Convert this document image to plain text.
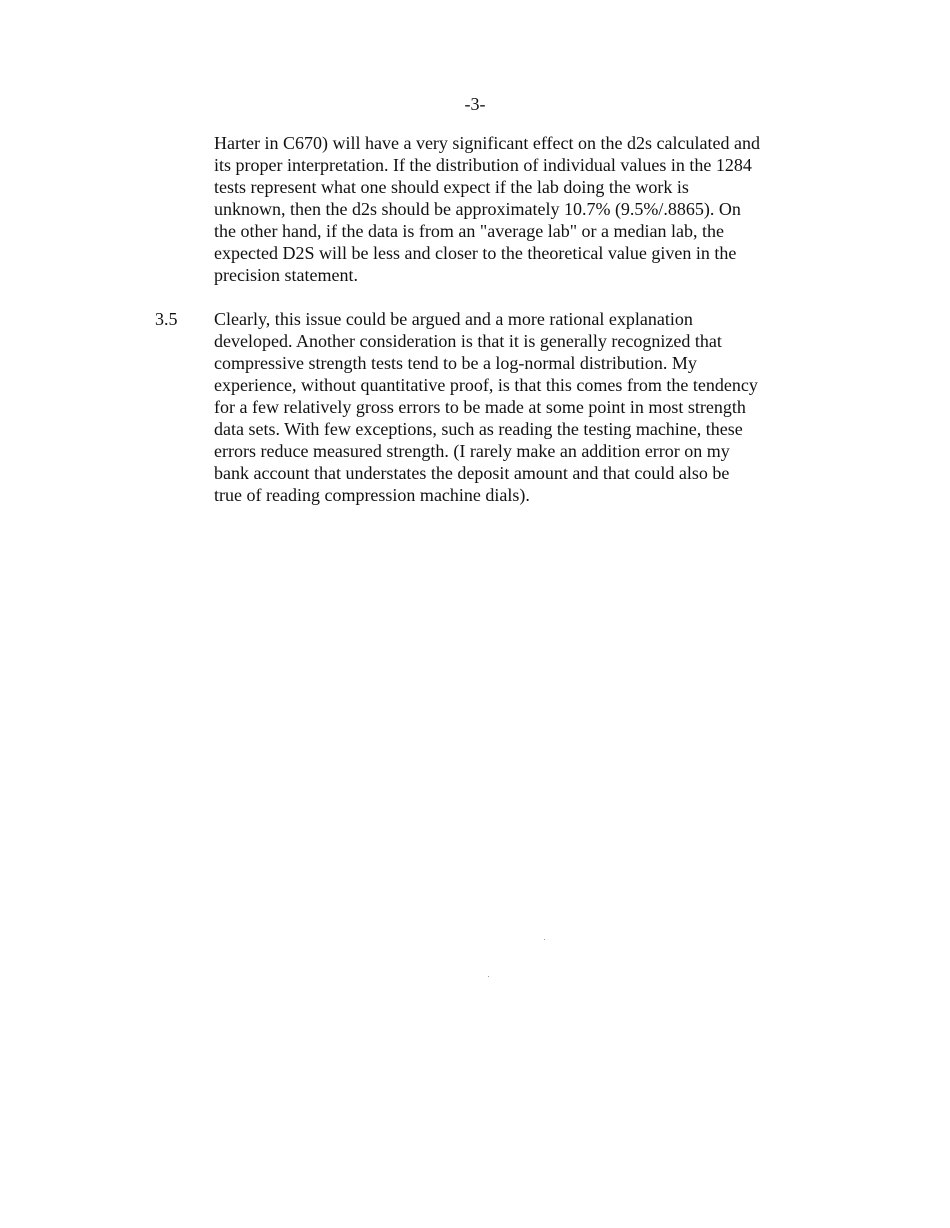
-3-
Harter in C670) will have a very significant effect on the d2s calculated and
its proper interpretation. If the distribution of individual values in the 1284
tests represent what one should expect if the lab doing the work is
unknown, then the d2s should be approximately 10.7% (9.5%/.8865). On
the other hand, if the data is from an "average lab" or a median lab, the
expected D2S will be less and closer to the theoretical value given in the
precision statement.
3.5 Clearly, this issue could be argued and a more rational explanation
developed. Another consideration is that it is generally recognized that
compressive strength tests tend to be a log-normal distribution. My
experience, without quantitative proof, is that this comes from the tendency
for a few relatively gross errors to be made at some point in most strength
data sets. With few exceptions, such as reading the testing machine, these
errors reduce measured strength. (I rarely make an addition error on my
bank account that understates the deposit amount and that could also be
true of reading compression machine dials).
